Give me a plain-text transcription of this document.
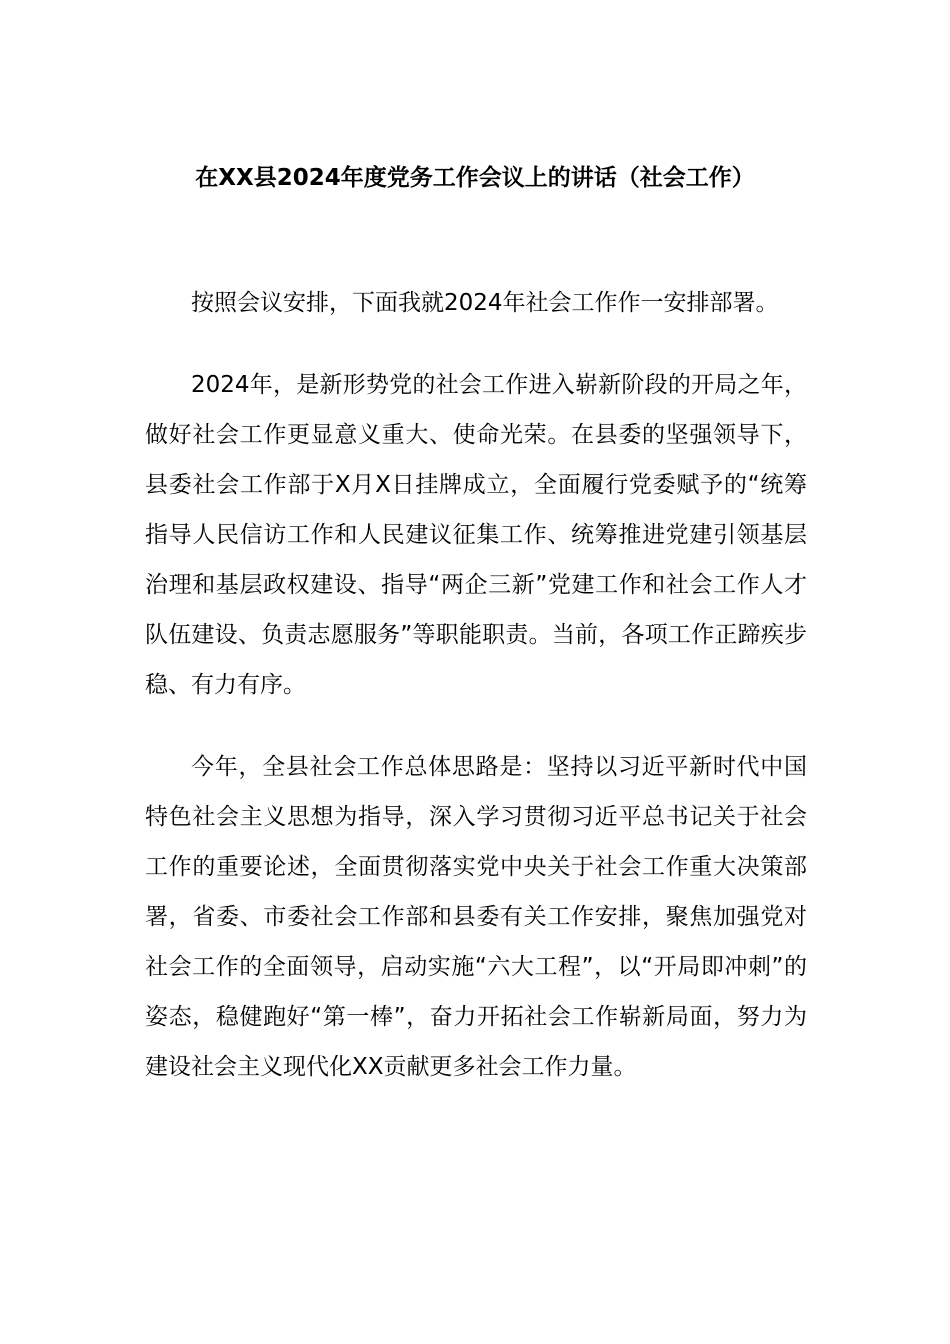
在XX县2024年度党务工作会议上的讲话（社会工作）

按照会议安排，下面我就2024年社会工作作一安排部署。

2024年，是新形势党的社会工作进入崭新阶段的开局之年，做好社会工作更显意义重大、使命光荣。在县委的坚强领导下，县委社会工作部于X月X日挂牌成立，全面履行党委赋予的“统筹指导人民信访工作和人民建议征集工作、统筹推进党建引领基层治理和基层政权建设、指导“两企三新”党建工作和社会工作人才队伍建设、负责志愿服务”等职能职责。当前，各项工作正蹄疾步稳、有力有序。

今年，全县社会工作总体思路是：坚持以习近平新时代中国特色社会主义思想为指导，深入学习贯彻习近平总书记关于社会工作的重要论述，全面贯彻落实党中央关于社会工作重大决策部署，省委、市委社会工作部和县委有关工作安排，聚焦加强党对社会工作的全面领导，启动实施“六大工程”，以“开局即冲刺”的姿态，稳健跑好“第一棒”，奋力开拓社会工作崭新局面，努力为建设社会主义现代化XX贡献更多社会工作力量。
